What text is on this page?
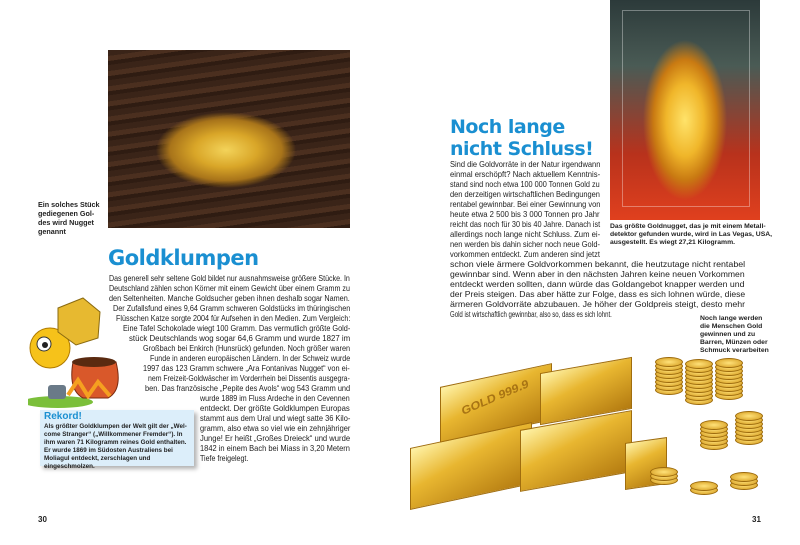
Ein solches Stück
gediegenen Gol-
des wird Nugget
genannt
Goldklumpen
Das generell sehr seltene Gold bildet nur ausnahmsweise größere Stücke. In
Deutschland zählen schon Körner mit einem Gewicht über einem Gramm zu
den Seltenheiten. Manche Goldsucher geben ihnen deshalb sogar Namen.
Der Zufallsfund eines 9,64 Gramm schweren Goldstücks im thüringischen
Flüsschen Katze sorgte 2004 für Aufsehen in den Medien. Zum Vergleich:
Eine Tafel Schokolade wiegt 100 Gramm. Das vermutlich größte Gold-
stück Deutschlands wog sogar 64,6 Gramm und wurde 1827 im
Großbach bei Enkirch (Hunsrück) gefunden. Noch größer waren
Funde in anderen europäischen Ländern. In der Schweiz wurde
1997 das 123 Gramm schwere „Ara Fontanivas Nugget“ von ei-
nem Freizeit-Goldwäscher im Vorderrhein bei Dissentis ausgegra-
ben. Das französische „Pepite des Avols“ wog 543 Gramm und
wurde 1889 im Fluss Ardeche in den Cevennen
entdeckt. Der größte Goldklumpen Europas
stammt aus dem Ural und wiegt satte 36 Kilo-
gramm, also etwa so viel wie ein zehnjähriger
Junge! Er heißt „Großes Dreieck“ und wurde
1842 in einem Bach bei Miass in 3,20 Metern
Tiefe freigelegt.
Rekord!
Als größter Goldklumpen der Welt gilt der „Wel-come Stranger“ („Willkommener Fremder“). In ihm waren 71 Kilogramm reines Gold enthalten. Er wurde 1869 im Südosten Australiens bei Moliagul entdeckt, zerschlagen und eingeschmolzen.
30
Das größte Goldnugget, das je mit einem Metall-
detektor gefunden wurde, wird in Las Vegas, USA,
ausgestellt. Es wiegt 27,21 Kilogramm.
Noch lange
nicht Schluss!
Sind die Goldvorräte in der Natur irgendwann
einmal erschöpft? Nach aktuellem Kenntnis-
stand sind noch etwa 100 000 Tonnen Gold zu
den derzeitigen wirtschaftlichen Bedingungen
rentabel gewinnbar. Bei einer Gewinnung von
heute etwa 2 500 bis 3 000 Tonnen pro Jahr
reicht das noch für 30 bis 40 Jahre. Danach ist
allerdings noch lange nicht Schluss. Zum ei-
nen werden bis dahin sicher noch neue Gold-
vorkommen entdeckt. Zum anderen sind jetzt
schon viele ärmere Goldvorkommen bekannt, die heutzutage nicht rentabel
gewinnbar sind. Wenn aber in den nächsten Jahren keine neuen Vorkommen
entdeckt werden sollten, dann würde das Goldangebot knapper werden und
der Preis steigen. Das aber hätte zur Folge, dass es sich lohnen würde, diese
ärmeren Goldvorräte abzubauen. Je höher der Goldpreis steigt, desto mehr
Gold ist wirtschaftlich gewinnbar, also so, dass es sich lohnt.	Noch lange werden
die Menschen Gold
gewinnen und zu
Barren, Münzen oder
Schmuck verarbeiten
GOLD 999.9
31
